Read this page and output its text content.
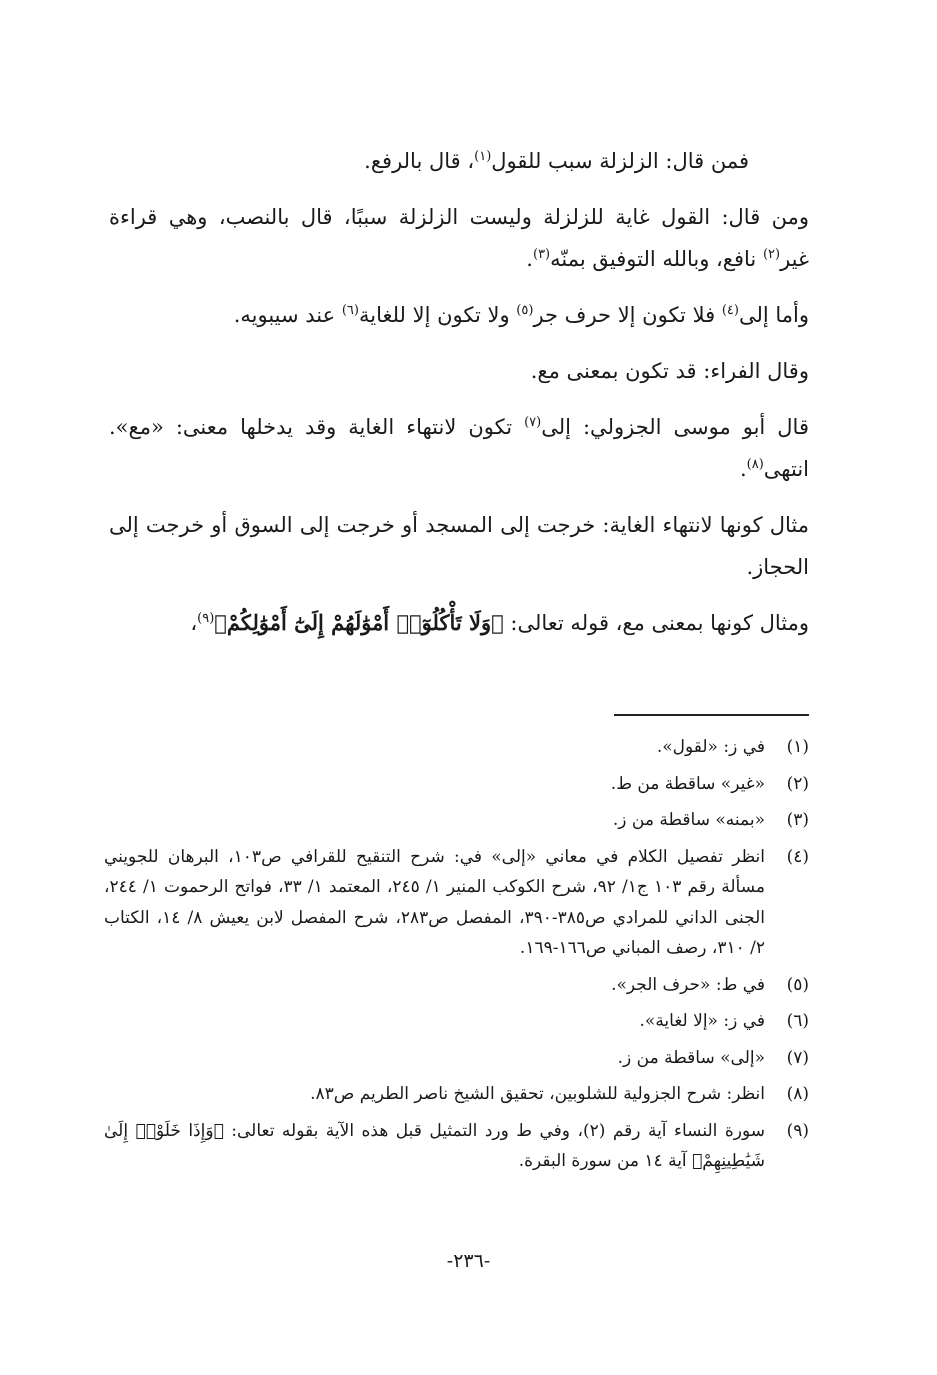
فمن قال: الزلزلة سبب للقول$^{(١)}$، قال بالرفع.

ومن قال: القول غاية للزلزلة وليست الزلزلة سببًا، قال بالنصب، وهي قراءة غير$^{(٢)}$ نافع، وبالله التوفيق بمنّه$^{(٣)}$.

وأما إلى$^{(٤)}$ فلا تكون إلا حرف جر$^{(٥)}$ ولا تكون إلا للغاية$^{(٦)}$ عند سيبويه.

وقال الفراء: قد تكون بمعنى مع.

قال أبو موسى الجزولي: إلى$^{(٧)}$ تكون لانتهاء الغاية وقد يدخلها معنى: «مع». انتهى$^{(٨)}$.

مثال كونها لانتهاء الغاية: خرجت إلى المسجد أو خرجت إلى السوق أو خرجت إلى الحجاز.

ومثال كونها بمعنى مع، قوله تعالى: ﴿وَلَا تَأْكُلُوٓا۟ أَمْوَٰلَهُمْ إِلَىٰٓ أَمْوَٰلِكُمْ﴾$^{(٩)}$،

(١)
في ز: «لقول».
(٢)
«غير» ساقطة من ط.
(٣)
«بمنه» ساقطة من ز.
(٤)
انظر تفصيل الكلام في معاني «إلى» في: شرح التنقيح للقرافي ص١٠٣، البرهان للجويني مسألة رقم ١٠٣ ج١/ ٩٢، شرح الكوكب المنير ١/ ٢٤٥، المعتمد ١/ ٣٣، فواتح الرحموت ١/ ٢٤٤، الجنى الداني للمرادي ص٣٨٥-٣٩٠، المفصل ص٢٨٣، شرح المفصل لابن يعيش ٨/ ١٤، الكتاب ٢/ ٣١٠، رصف المباني ص١٦٦-١٦٩.
(٥)
في ط: «حرف الجر».
(٦)
في ز: «إلا لغاية».
(٧)
«إلى» ساقطة من ز.
(٨)
انظر: شرح الجزولية للشلوبين، تحقيق الشيخ ناصر الطريم ص٨٣.
(٩)
سورة النساء آية رقم (٢)، وفي ط ورد التمثيل قبل هذه الآية بقوله تعالى: ﴿وَإِذَا خَلَوْا۟ إِلَىٰ شَيَٰطِينِهِمْ﴾ آية ١٤ من سورة البقرة.
-٢٣٦-
